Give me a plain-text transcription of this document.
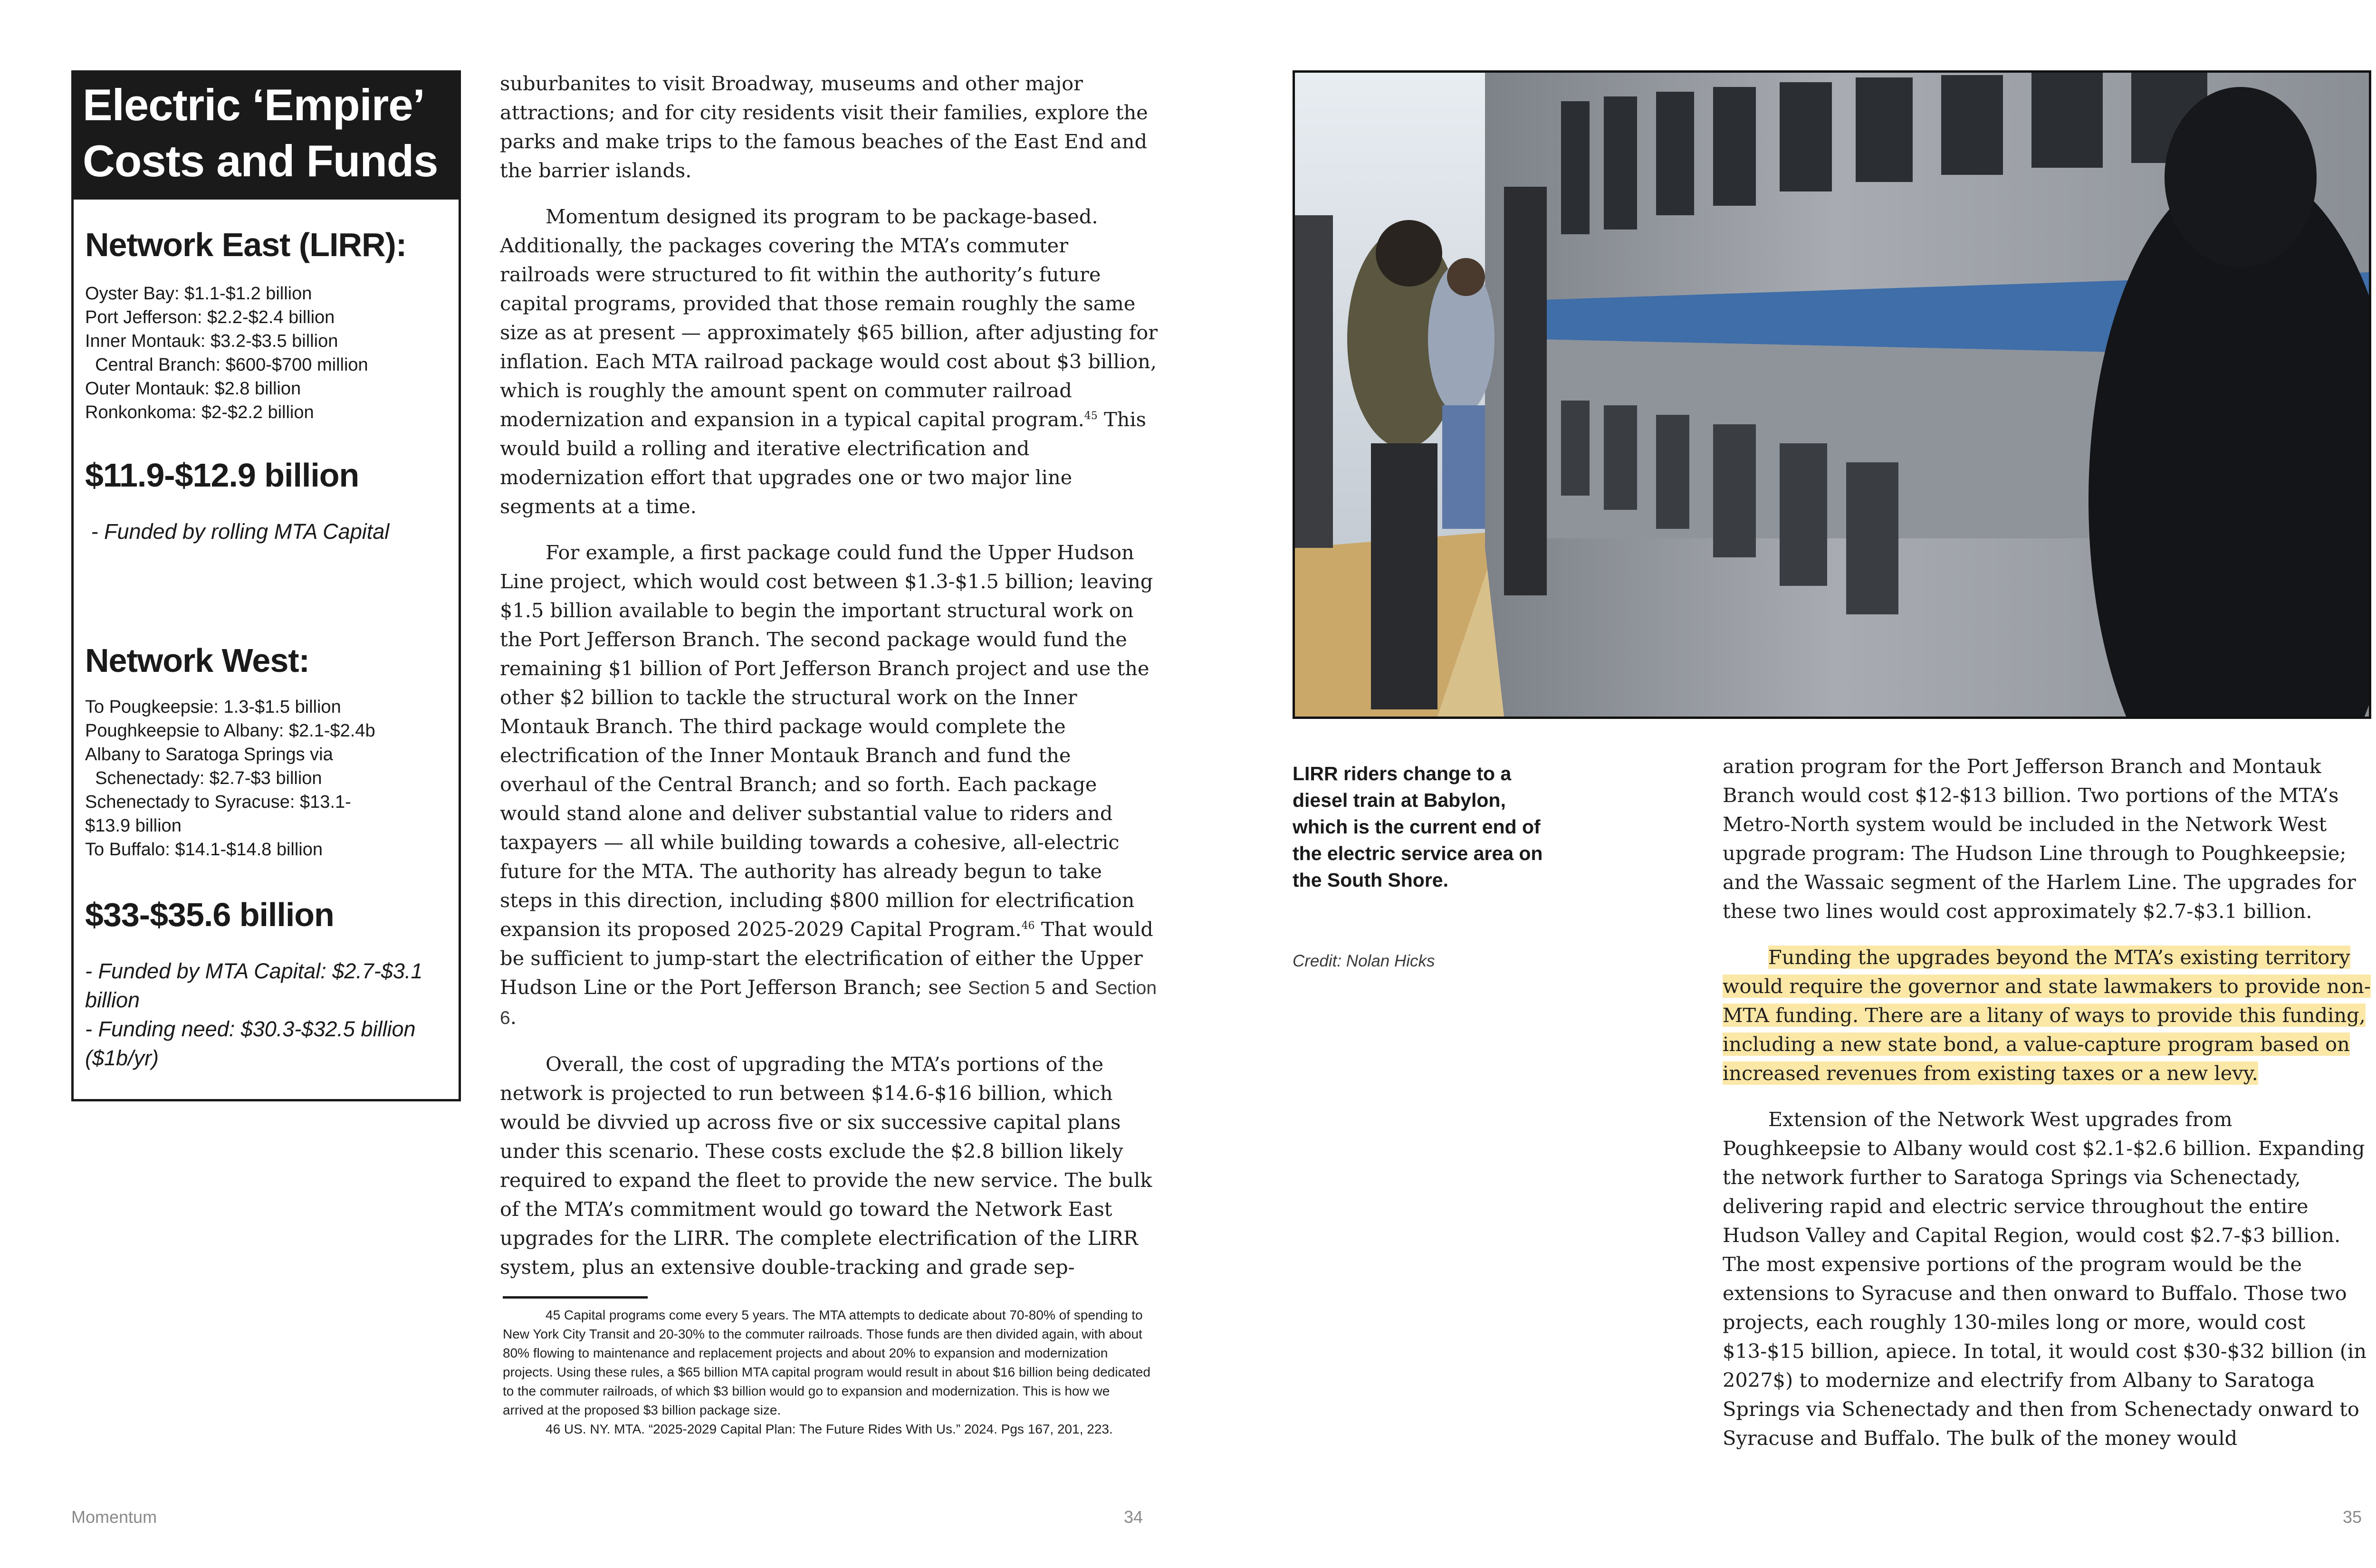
Electric ‘Empire’
Costs and Funds
Network East (LIRR):
Oyster Bay: $1.1-$1.2 billion
Port Jefferson: $2.2-$2.4 billion
Inner Montauk: $3.2-$3.5 billion
Central Branch: $600-$700 million
Outer Montauk: $2.8 billion
Ronkonkoma: $2-$2.2 billion
$11.9-$12.9 billion
- Funded by rolling MTA Capital
Network West:
To Pougkeepsie: 1.3-$1.5 billion
Poughkeepsie to Albany: $2.1-$2.4b
Albany to Saratoga Springs via
Schenectady: $2.7-$3 billion
Schenectady to Syracuse: $13.1-
$13.9 billion
To Buffalo: $14.1-$14.8 billion
$33-$35.6 billion
- Funded by MTA Capital: $2.7-$3.1 billion
- Funding need: $30.3-$32.5 billion ($1b/yr)

suburbanites to visit Broadway, museums and other major attractions; and for city residents visit their families, explore the parks and make trips to the famous beaches of the East End and the barrier islands.

Momentum designed its program to be package-based. Additionally, the packages covering the MTA’s commuter railroads were structured to fit within the authority’s future capital programs, provided that those remain roughly the same size as at present — approximately $65 billion, after adjusting for inflation. Each MTA railroad package would cost about $3 billion, which is roughly the amount spent on commuter railroad modernization and expansion in a typical capital program.$^{45}$ This would build a rolling and iterative electrification and modernization effort that upgrades one or two major line segments at a time.

For example, a first package could fund the Upper Hudson Line project, which would cost between $1.3-$1.5 billion; leaving $1.5 billion available to begin the important structural work on the Port Jefferson Branch. The second package would fund the remaining $1 billion of Port Jefferson Branch project and use the other $2 billion to tackle the structural work on the Inner Montauk Branch. The third package would complete the electrification of the Inner Montauk Branch and fund the overhaul of the Central Branch; and so forth. Each package would stand alone and deliver substantial value to riders and taxpayers — all while building towards a cohesive, all-electric future for the MTA. The authority has already begun to take steps in this direction, including $800 million for electrification expansion its proposed 2025-2029 Capital Program.$^{46}$ That would be sufficient to jump-start the electrification of either the Upper Hudson Line or the Port Jefferson Branch; see Section 5 and Section 6.

Overall, the cost of upgrading the MTA’s portions of the network is projected to run between $14.6-$16 billion, which would be divvied up across five or six successive capital plans under this scenario. These costs exclude the $2.8 billion likely required to expand the fleet to provide the new service. The bulk of the MTA’s commitment would go toward the Network East upgrades for the LIRR. The complete electrification of the LIRR system, plus an extensive double-tracking and grade sep-

45 Capital programs come every 5 years. The MTA attempts to dedicate about 70-80% of spending to New York City Transit and 20-30% to the commuter railroads. Those funds are then divided again, with about 80% flowing to maintenance and replacement projects and about 20% to expansion and modernization projects. Using these rules, a $65 billion MTA capital program would result in about $16 billion being dedicated to the commuter railroads, of which $3 billion would go to expansion and modernization. This is how we arrived at the proposed $3 billion package size.

46 US. NY. MTA. “2025-2029 Capital Plan: The Future Rides With Us.” 2024. Pgs 167, 201, 223.

Momentum	34
LIRR riders change to a diesel train at Babylon, which is the current end of the electric service area on the South Shore.
Credit: Nolan Hicks

aration program for the Port Jefferson Branch and Montauk Branch would cost $12-$13 billion. Two portions of the MTA’s Metro-North system would be included in the Network West upgrade program: The Hudson Line through to Poughkeepsie; and the Wassaic segment of the Harlem Line. The upgrades for these two lines would cost approximately $2.7-$3.1 billion.

Funding the upgrades beyond the MTA’s existing territory would require the governor and state lawmakers to provide non-MTA funding. There are a litany of ways to provide this funding, including a new state bond, a value-capture program based on increased revenues from existing taxes or a new levy.

Extension of the Network West upgrades from Poughkeepsie to Albany would cost $2.1-$2.6 billion. Expanding the network further to Saratoga Springs via Schenectady, delivering rapid and electric service throughout the entire Hudson Valley and Capital Region, would cost $2.7-$3 billion. The most expensive portions of the program would be the extensions to Syracuse and then onward to Buffalo. Those two projects, each roughly 130-miles long or more, would cost $13-$15 billion, apiece. In total, it would cost $30-$32 billion (in 2027$) to modernize and electrify from Albany to Saratoga Springs via Schenectady and then from Schenectady onward to Syracuse and Buffalo. The bulk of the money would

35
